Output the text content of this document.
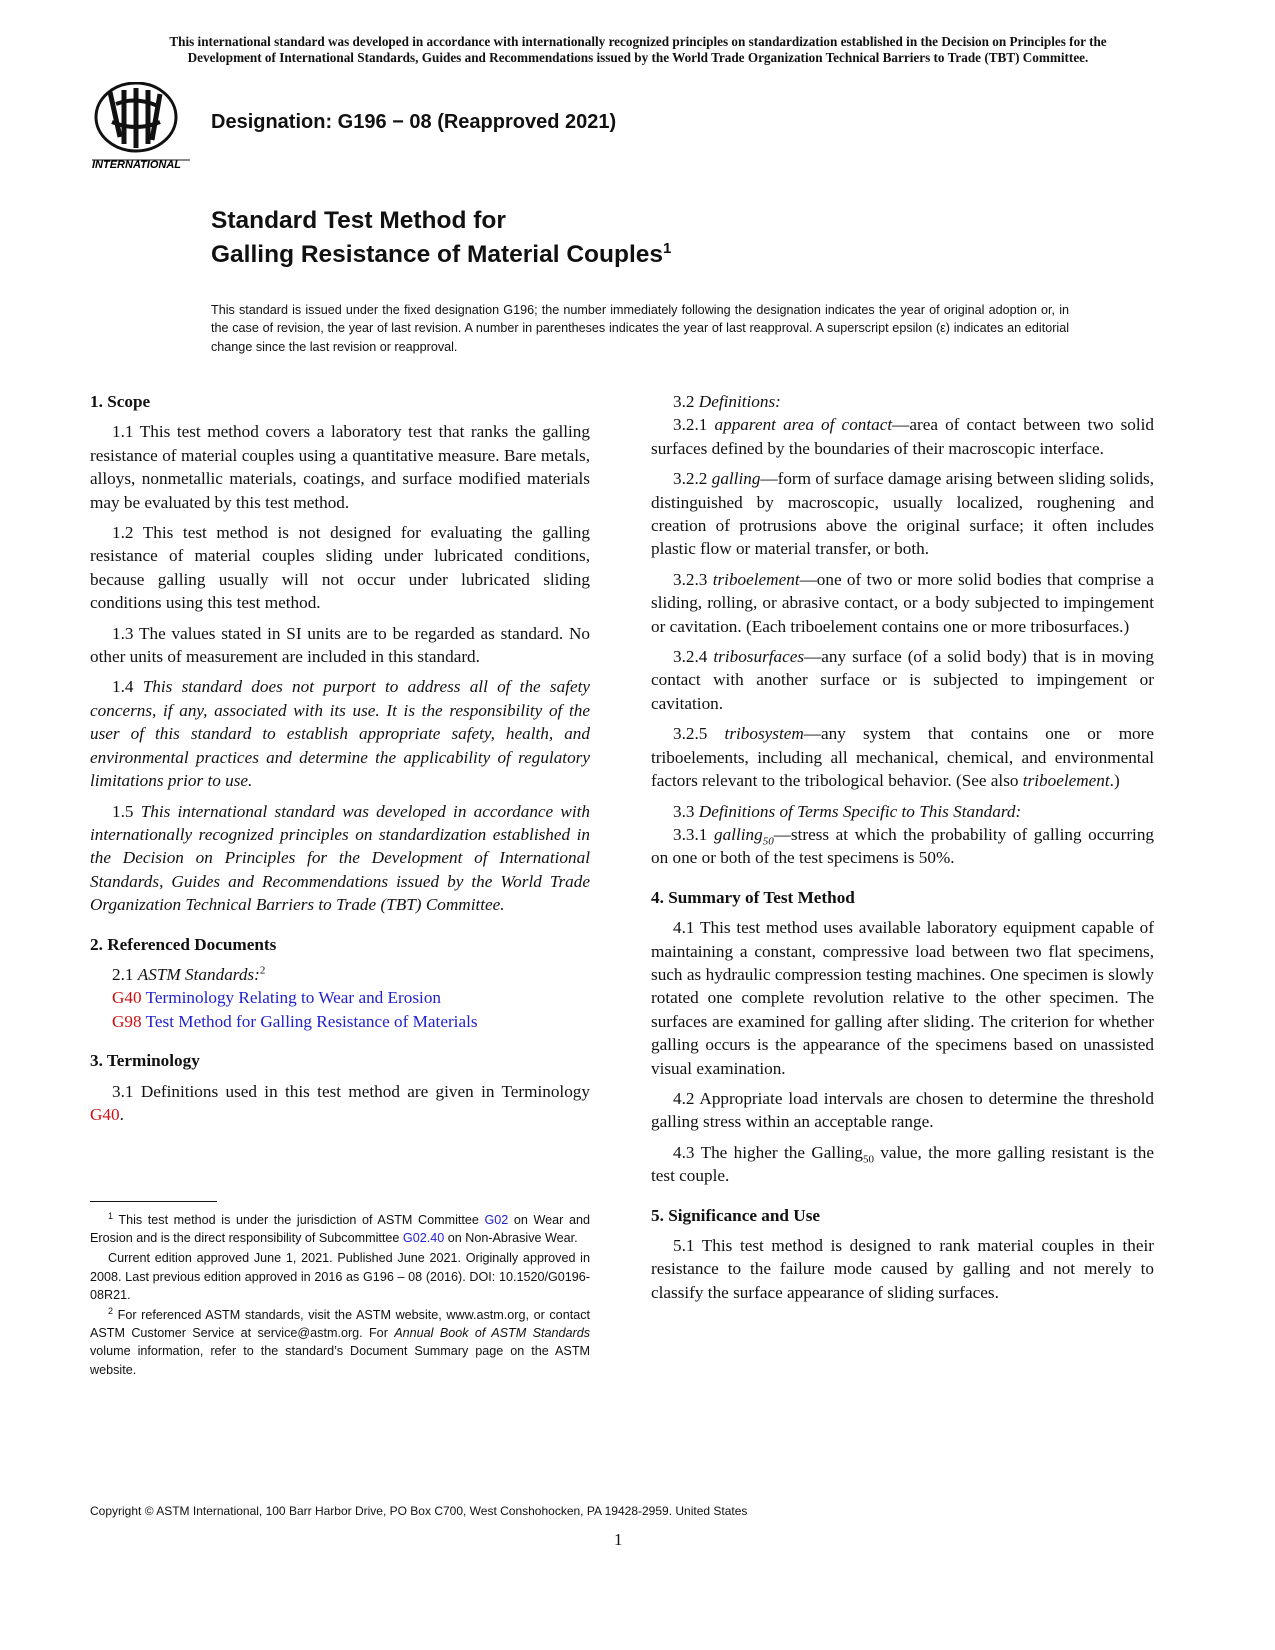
This international standard was developed in accordance with internationally recognized principles on standardization established in the Decision on Principles for the
Development of International Standards, Guides and Recommendations issued by the World Trade Organization Technical Barriers to Trade (TBT) Committee.
INTERNATIONAL
Designation: G196 − 08 (Reapproved 2021)
Standard Test Method for
Galling Resistance of Material Couples$^1$
This standard is issued under the fixed designation G196; the number immediately following the designation indicates the year of original adoption or, in the case of revision, the year of last revision. A number in parentheses indicates the year of last reapproval. A superscript epsilon (ε) indicates an editorial change since the last revision or reapproval.
1. Scope

1.1 This test method covers a laboratory test that ranks the galling resistance of material couples using a quantitative measure. Bare metals, alloys, nonmetallic materials, coatings, and surface modified materials may be evaluated by this test method.

1.2 This test method is not designed for evaluating the galling resistance of material couples sliding under lubricated conditions, because galling usually will not occur under lubricated sliding conditions using this test method.

1.3 The values stated in SI units are to be regarded as standard. No other units of measurement are included in this standard.

1.4 This standard does not purport to address all of the safety concerns, if any, associated with its use. It is the responsibility of the user of this standard to establish appropriate safety, health, and environmental practices and determine the applicability of regulatory limitations prior to use.

1.5 This international standard was developed in accordance with internationally recognized principles on standardization established in the Decision on Principles for the Development of International Standards, Guides and Recommendations issued by the World Trade Organization Technical Barriers to Trade (TBT) Committee.

2. Referenced Documents

2.1 ASTM Standards:$^2$

G40 Terminology Relating to Wear and Erosion
G98 Test Method for Galling Resistance of Materials
3. Terminology

3.1 Definitions used in this test method are given in Terminology G40.

$^1$ This test method is under the jurisdiction of ASTM Committee G02 on Wear and Erosion and is the direct responsibility of Subcommittee G02.40 on Non-Abrasive Wear.

Current edition approved June 1, 2021. Published June 2021. Originally approved in 2008. Last previous edition approved in 2016 as G196 – 08 (2016). DOI: 10.1520/G0196-08R21.

$^2$ For referenced ASTM standards, visit the ASTM website, www.astm.org, or contact ASTM Customer Service at service@astm.org. For Annual Book of ASTM Standards volume information, refer to the standard’s Document Summary page on the ASTM website.

3.2 Definitions:

3.2.1 apparent area of contact—area of contact between two solid surfaces defined by the boundaries of their macroscopic interface.

3.2.2 galling—form of surface damage arising between sliding solids, distinguished by macroscopic, usually localized, roughening and creation of protrusions above the original surface; it often includes plastic flow or material transfer, or both.

3.2.3 triboelement—one of two or more solid bodies that comprise a sliding, rolling, or abrasive contact, or a body subjected to impingement or cavitation. (Each triboelement contains one or more tribosurfaces.)

3.2.4 tribosurfaces—any surface (of a solid body) that is in moving contact with another surface or is subjected to impingement or cavitation.

3.2.5 tribosystem—any system that contains one or more triboelements, including all mechanical, chemical, and environmental factors relevant to the tribological behavior. (See also triboelement.)

3.3 Definitions of Terms Specific to This Standard:

3.3.1 galling$_{50}$—stress at which the probability of galling occurring on one or both of the test specimens is 50%.

4. Summary of Test Method

4.1 This test method uses available laboratory equipment capable of maintaining a constant, compressive load between two flat specimens, such as hydraulic compression testing machines. One specimen is slowly rotated one complete revolution relative to the other specimen. The surfaces are examined for galling after sliding. The criterion for whether galling occurs is the appearance of the specimens based on unassisted visual examination.

4.2 Appropriate load intervals are chosen to determine the threshold galling stress within an acceptable range.

4.3 The higher the Galling$_{50}$ value, the more galling resistant is the test couple.

5. Significance and Use

5.1 This test method is designed to rank material couples in their resistance to the failure mode caused by galling and not merely to classify the surface appearance of sliding surfaces.

Copyright © ASTM International, 100 Barr Harbor Drive, PO Box C700, West Conshohocken, PA 19428-2959. United States
1
